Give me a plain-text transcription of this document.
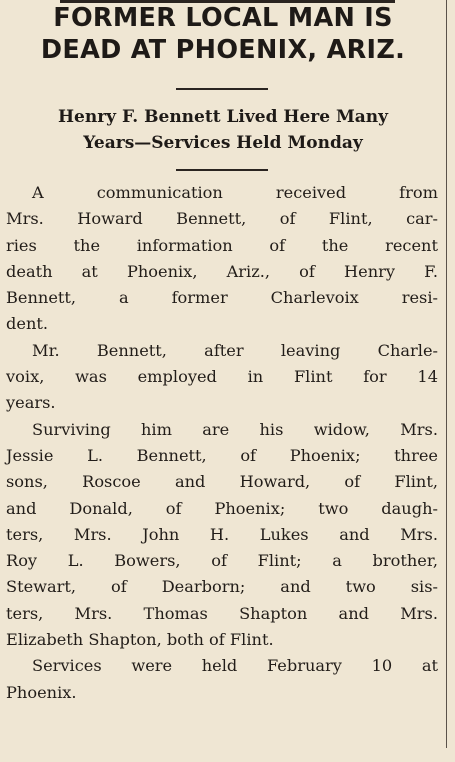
FORMER LOCAL MAN IS
DEAD AT PHOENIX, ARIZ.
Henry F. Bennett Lived Here Many
Years—Services Held Monday

A communication received from
Mrs. Howard Bennett, of Flint, car-
ries the information of the recent
death at Phoenix, Ariz., of Henry F.
Bennett, a former Charlevoix resi-
dent.

Mr. Bennett, after leaving Charle-
voix, was employed in Flint for 14
years.

Surviving him are his widow, Mrs.
Jessie L. Bennett, of Phoenix; three
sons, Roscoe and Howard, of Flint,
and Donald, of Phoenix; two daugh-
ters, Mrs. John H. Lukes and Mrs.
Roy L. Bowers, of Flint; a brother,
Stewart, of Dearborn; and two sis-
ters, Mrs. Thomas Shapton and Mrs.
Elizabeth Shapton, both of Flint.

Services were held February 10 at
Phoenix.
